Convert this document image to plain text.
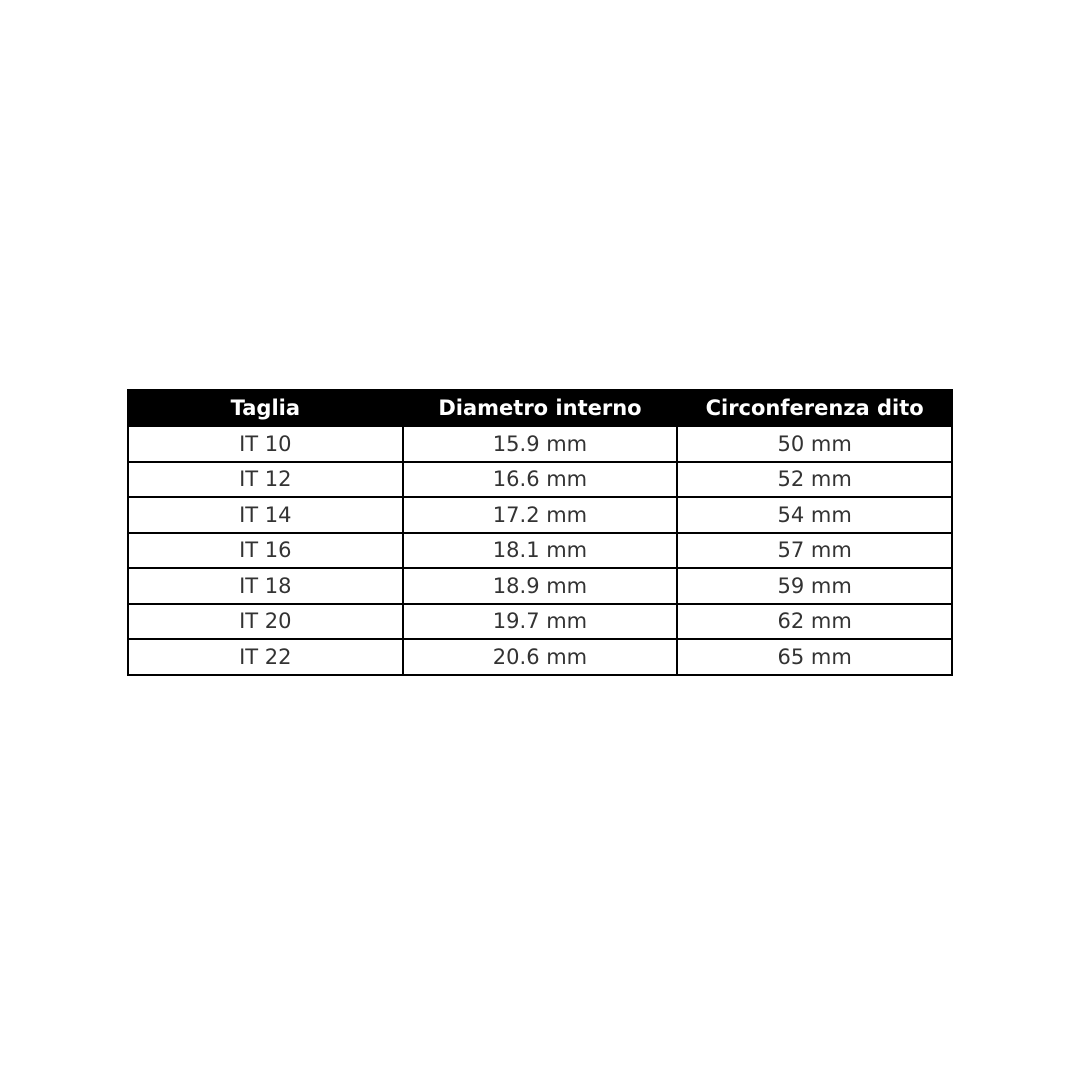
Taglia	Diametro interno	Circonferenza dito
IT 10	15.9 mm	50 mm
IT 12	16.6 mm	52 mm
IT 14	17.2 mm	54 mm
IT 16	18.1 mm	57 mm
IT 18	18.9 mm	59 mm
IT 20	19.7 mm	62 mm
IT 22	20.6 mm	65 mm
